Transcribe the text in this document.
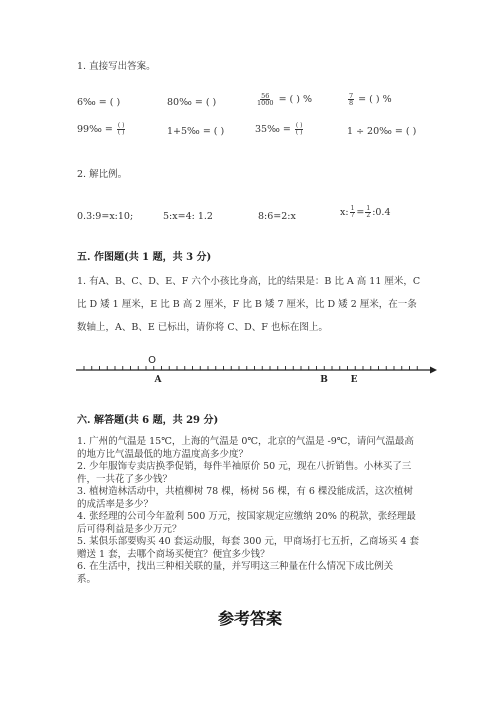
1. 直接写出答案。
6‰ = ( )	80‰ = ( )	$\frac{56}{1000}$ = ( ) %	$\frac{7}{8}$ = ( ) %
99‰ = $\frac{( )}{( )}$	1+5‰ = ( )	35‰ = $\frac{( )}{( )}$	1 ÷ 20‰ = ( )
2. 解比例。
0.3:9=x:10;	5:x=4: 1.2	8:6=2:x	x: $\frac{1}{7} = \frac{1}{2}$ :0.4
五. 作图题(共 1 题，共 3 分)
1. 有A、B、C、D、E、F 六个小孩比身高，比的结果是：B 比 A 高 11 厘米，C 比 D 矮 1 厘米，E 比 B 高 2 厘米，F 比 B 矮 7 厘米，比 D 矮 2 厘米，在一条数轴上，A、B、E 已标出，请你将 C、D、F 也标在图上。
O
A	B	E
六. 解答题(共 6 题，共 29 分)
1. 广州的气温是 15℃，上海的气温是 0℃，北京的气温是 -9℃，请问气温最高
的地方比气温最低的地方温度高多少度？
2. 少年服饰专卖店换季促销，每件半袖原价 50 元，现在八折销售。小林买了三
件，一共花了多少钱？
3. 植树造林活动中，共植柳树 78 棵，杨树 56 棵，有 6 棵没能成活，这次植树
的成活率是多少？
4. 张经理的公司今年盈利 500 万元，按国家规定应缴纳 20% 的税款，张经理最
后可得利益是多少万元？
5. 某俱乐部要购买 40 套运动服，每套 300 元，甲商场打七五折，乙商场买 4 套
赠送 1 套，去哪个商场买便宜？便宜多少钱？
6. 在生活中，找出三种相关联的量，并写明这三种量在什么情况下成比例关
系。
参考答案
